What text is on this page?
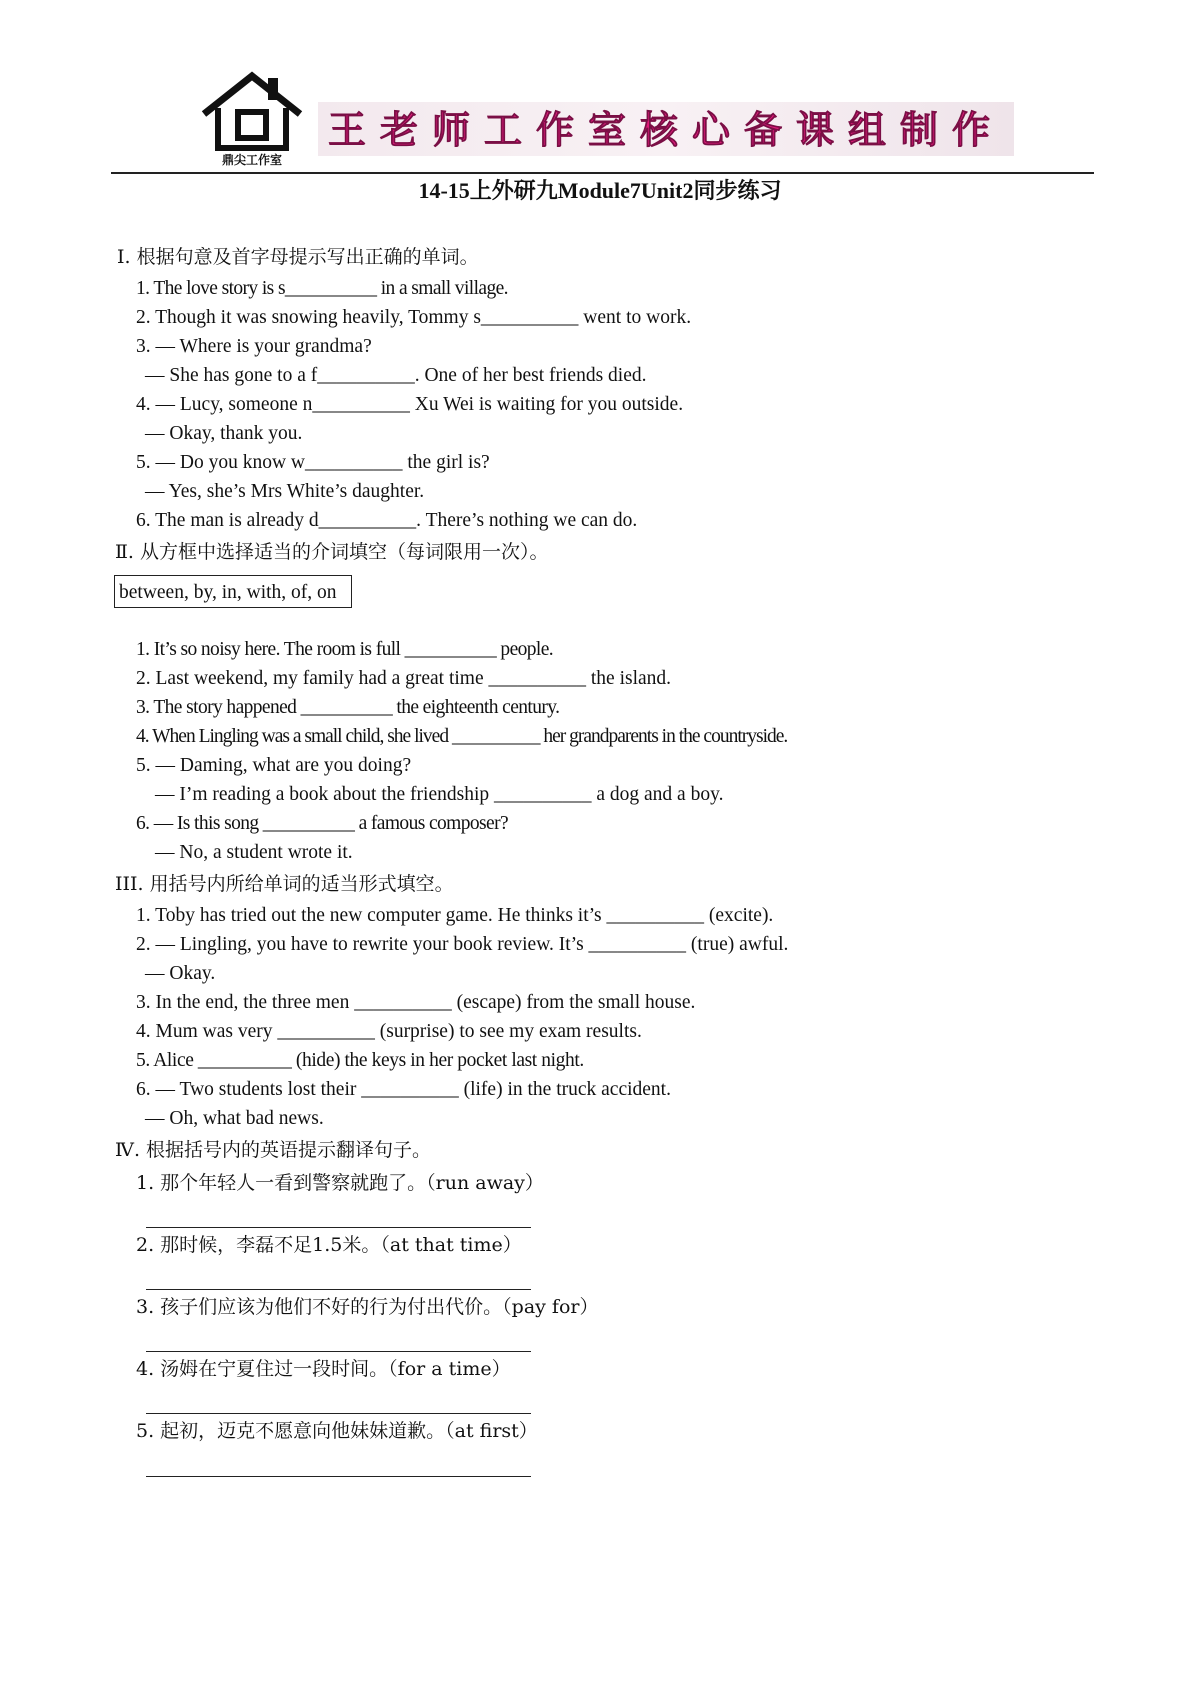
鼎尖工作室
王老师工作室核心备课组制作
14-15上外研九Module7Unit2同步练习
Ⅰ. 根据句意及首字母提示写出正确的单词。
1. The love story is s__________ in a small village.
2. Though it was snowing heavily, Tommy s__________ went to work.
3. — Where is your grandma?
— She has gone to a f__________. One of her best friends died.
4. — Lucy, someone n__________ Xu Wei is waiting for you outside.
— Okay, thank you.
5. — Do you know w__________ the girl is?
— Yes, she’s Mrs White’s daughter.
6. The man is already d__________. There’s nothing we can do.
Ⅱ. 从方框中选择适当的介词填空（每词限用一次）。
between, by, in, with, of, on
1. It’s so noisy here. The room is full __________ people.
2. Last weekend, my family had a great time __________ the island.
3. The story happened __________ the eighteenth century.
4. When Lingling was a small child, she lived __________ her grandparents in the countryside.
5. — Daming, what are you doing?
— I’m reading a book about the friendship __________ a dog and a boy.
6. — Is this song __________ a famous composer?
— No, a student wrote it.
III. 用括号内所给单词的适当形式填空。
1. Toby has tried out the new computer game. He thinks it’s __________ (excite).
2. — Lingling, you have to rewrite your book review. It’s __________ (true) awful.
— Okay.
3. In the end, the three men __________ (escape) from the small house.
4. Mum was very __________ (surprise) to see my exam results.
5. Alice __________ (hide) the keys in her pocket last night.
6. — Two students lost their __________ (life) in the truck accident.
— Oh, what bad news.
Ⅳ. 根据括号内的英语提示翻译句子。
1. 那个年轻人一看到警察就跑了。（run away）
2. 那时候，李磊不足1.5米。（at that time）
3. 孩子们应该为他们不好的行为付出代价。（pay for）
4. 汤姆在宁夏住过一段时间。（for a time）
5. 起初，迈克不愿意向他妹妹道歉。（at first）
